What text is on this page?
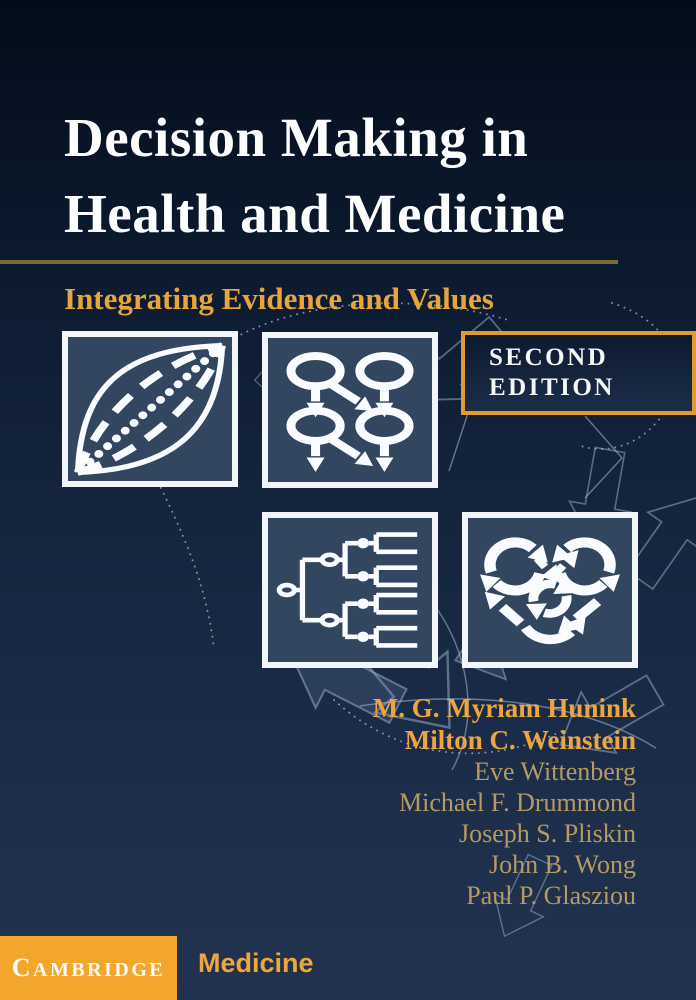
Decision Making in
Health and Medicine
Integrating Evidence and Values
SECOND
EDITION
M. G. Myriam Hunink
Milton C. Weinstein
Eve Wittenberg
Michael F. Drummond
Joseph S. Pliskin
John B. Wong
Paul P. Glasziou
CAMBRIDGE Medicine
